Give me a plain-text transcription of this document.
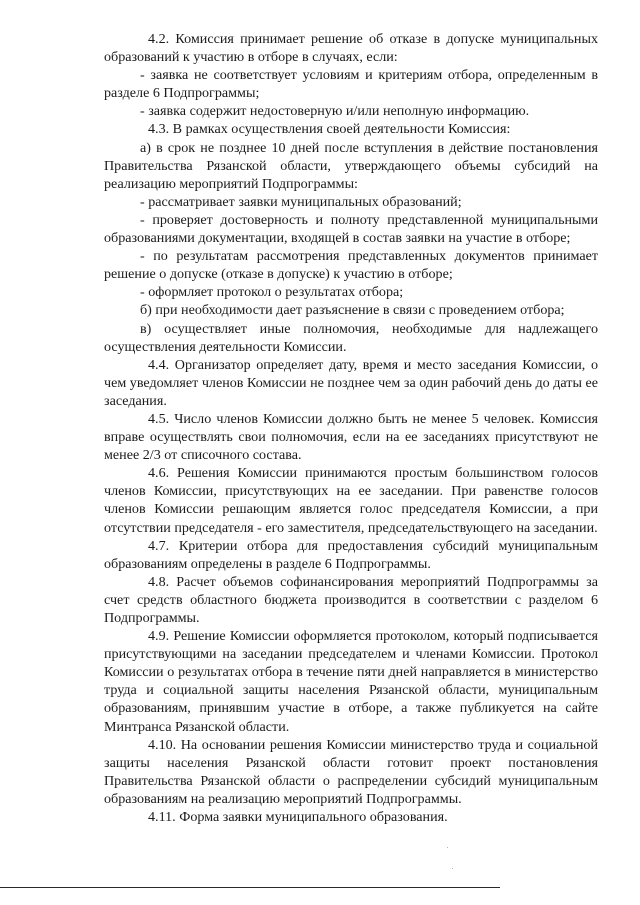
4.2. Комиссия принимает решение об отказе в допуске муниципальных образований к участию в отборе в случаях, если:

- заявка не соответствует условиям и критериям отбора, определенным в разделе 6 Подпрограммы;

- заявка содержит недостоверную и/или неполную информацию.

4.3. В рамках осуществления своей деятельности Комиссия:

а) в срок не позднее 10 дней после вступления в действие постановления Правительства Рязанской области, утверждающего объемы субсидий на реализацию мероприятий Подпрограммы:

- рассматривает заявки муниципальных образований;

- проверяет достоверность и полноту представленной муниципальными образованиями документации, входящей в состав заявки на участие в отборе;

- по результатам рассмотрения представленных документов принимает решение о допуске (отказе в допуске) к участию в отборе;

- оформляет протокол о результатах отбора;

б) при необходимости дает разъяснение в связи с проведением отбора;

в) осуществляет иные полномочия, необходимые для надлежащего осуществления деятельности Комиссии.

4.4. Организатор определяет дату, время и место заседания Комиссии, о чем уведомляет членов Комиссии не позднее чем за один рабочий день до даты ее заседания.

4.5. Число членов Комиссии должно быть не менее 5 человек. Комиссия вправе осуществлять свои полномочия, если на ее заседаниях присутствуют не менее 2/3 от списочного состава.

4.6. Решения Комиссии принимаются простым большинством голосов членов Комиссии, присутствующих на ее заседании. При равенстве голосов членов Комиссии решающим является голос председателя Комиссии, а при отсутствии председателя - его заместителя, председательствующего на заседании.

4.7. Критерии отбора для предоставления субсидий муниципальным образованиям определены в разделе 6 Подпрограммы.

4.8. Расчет объемов софинансирования мероприятий Подпрограммы за счет средств областного бюджета производится в соответствии с разделом 6 Подпрограммы.

4.9. Решение Комиссии оформляется протоколом, который подписывается присутствующими на заседании председателем и членами Комиссии. Протокол Комиссии о результатах отбора в течение пяти дней направляется в министерство труда и социальной защиты населения Рязанской области, муниципальным образованиям, принявшим участие в отборе, а также публикуется на сайте Минтранса Рязанской области.

4.10. На основании решения Комиссии министерство труда и социальной защиты населения Рязанской области готовит проект постановления Правительства Рязанской области о распределении субсидий муниципальным образованиям на реализацию мероприятий Подпрограммы.

4.11. Форма заявки муниципального образования.
